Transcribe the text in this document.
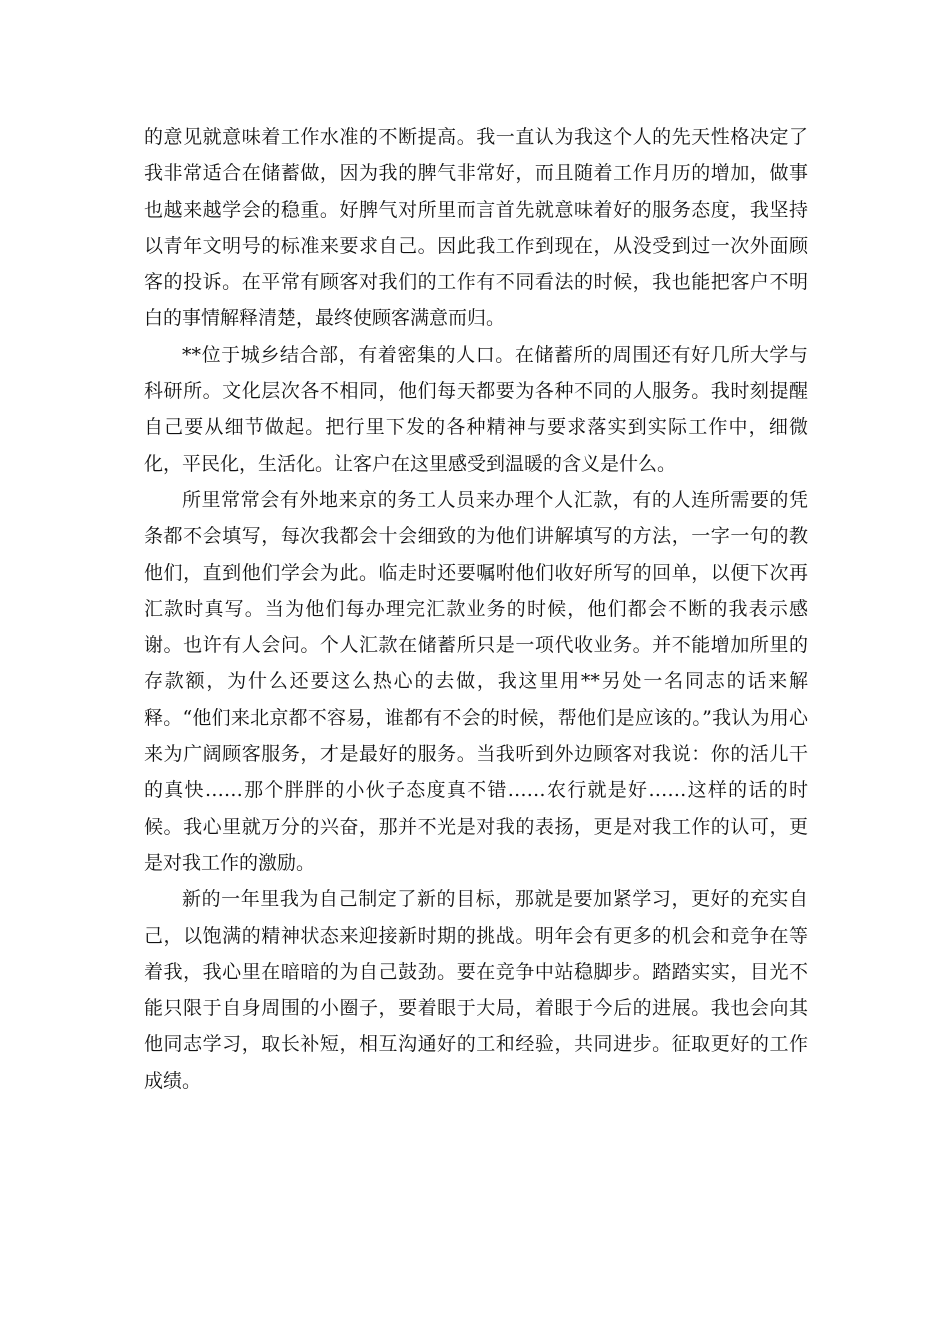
的意见就意味着工作水准的不断提高。我一直认为我这个人的先天性格决定了我非常适合在储蓄做，因为我的脾气非常好，而且随着工作月历的增加，做事也越来越学会的稳重。好脾气对所里而言首先就意味着好的服务态度，我坚持以青年文明号的标准来要求自己。因此我工作到现在，从没受到过一次外面顾客的投诉。在平常有顾客对我们的工作有不同看法的时候，我也能把客户不明白的事情解释清楚，最终使顾客满意而归。

**位于城乡结合部，有着密集的人口。在储蓄所的周围还有好几所大学与科研所。文化层次各不相同，他们每天都要为各种不同的人服务。我时刻提醒自己要从细节做起。把行里下发的各种精神与要求落实到实际工作中，细微化，平民化，生活化。让客户在这里感受到温暖的含义是什么。

所里常常会有外地来京的务工人员来办理个人汇款，有的人连所需要的凭条都不会填写，每次我都会十会细致的为他们讲解填写的方法，一字一句的教他们，直到他们学会为此。临走时还要嘱咐他们收好所写的回单，以便下次再汇款时真写。当为他们每办理完汇款业务的时候，他们都会不断的我表示感谢。也许有人会问。个人汇款在储蓄所只是一项代收业务。并不能增加所里的存款额，为什么还要这么热心的去做，我这里用**另处一名同志的话来解释。“他们来北京都不容易，谁都有不会的时候，帮他们是应该的。”我认为用心来为广阔顾客服务，才是最好的服务。当我听到外边顾客对我说：你的活儿干的真快……那个胖胖的小伙子态度真不错……农行就是好……这样的话的时候。我心里就万分的兴奋，那并不光是对我的表扬，更是对我工作的认可，更是对我工作的激励。

新的一年里我为自己制定了新的目标，那就是要加紧学习，更好的充实自己，以饱满的精神状态来迎接新时期的挑战。明年会有更多的机会和竞争在等着我，我心里在暗暗的为自己鼓劲。要在竞争中站稳脚步。踏踏实实，目光不能只限于自身周围的小圈子，要着眼于大局，着眼于今后的进展。我也会向其他同志学习，取长补短，相互沟通好的工和经验，共同进步。征取更好的工作成绩。
